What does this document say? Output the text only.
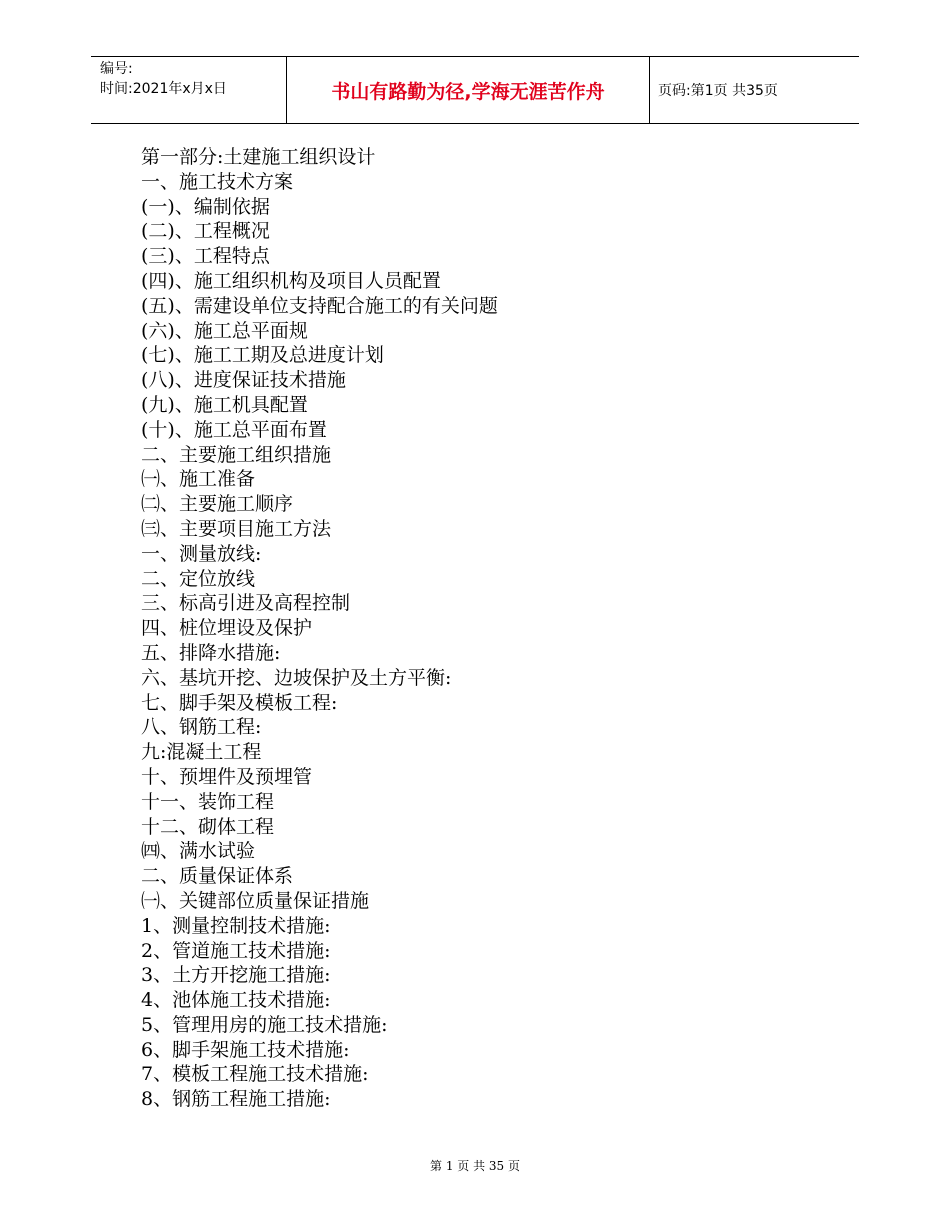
编号:
时间:2021年x月x日	书山有路勤为径,学海无涯苦作舟	页码:第1页 共35页
第一部分:土建施工组织设计
一、施工技术方案
(一)、编制依据
(二)、工程概况
(三)、工程特点
(四)、施工组织机构及项目人员配置
(五)、需建设单位支持配合施工的有关问题
(六)、施工总平面规
(七)、施工工期及总进度计划
(八)、进度保证技术措施
(九)、施工机具配置
(十)、施工总平面布置
二、主要施工组织措施
㈠、施工准备
㈡、主要施工顺序
㈢、主要项目施工方法
一、测量放线:
二、定位放线
三、标高引进及高程控制
四、桩位埋设及保护
五、排降水措施:
六、基坑开挖、边坡保护及土方平衡:
七、脚手架及模板工程:
八、钢筋工程:
九:混凝土工程
十、预埋件及预埋管
十一、装饰工程
十二、砌体工程
㈣、满水试验
二、质量保证体系
㈠、关键部位质量保证措施
1、测量控制技术措施:
2、管道施工技术措施:
3、土方开挖施工措施:
4、池体施工技术措施:
5、管理用房的施工技术措施:
6、脚手架施工技术措施:
7、模板工程施工技术措施:
8、钢筋工程施工措施:
第 1 页 共 35 页
